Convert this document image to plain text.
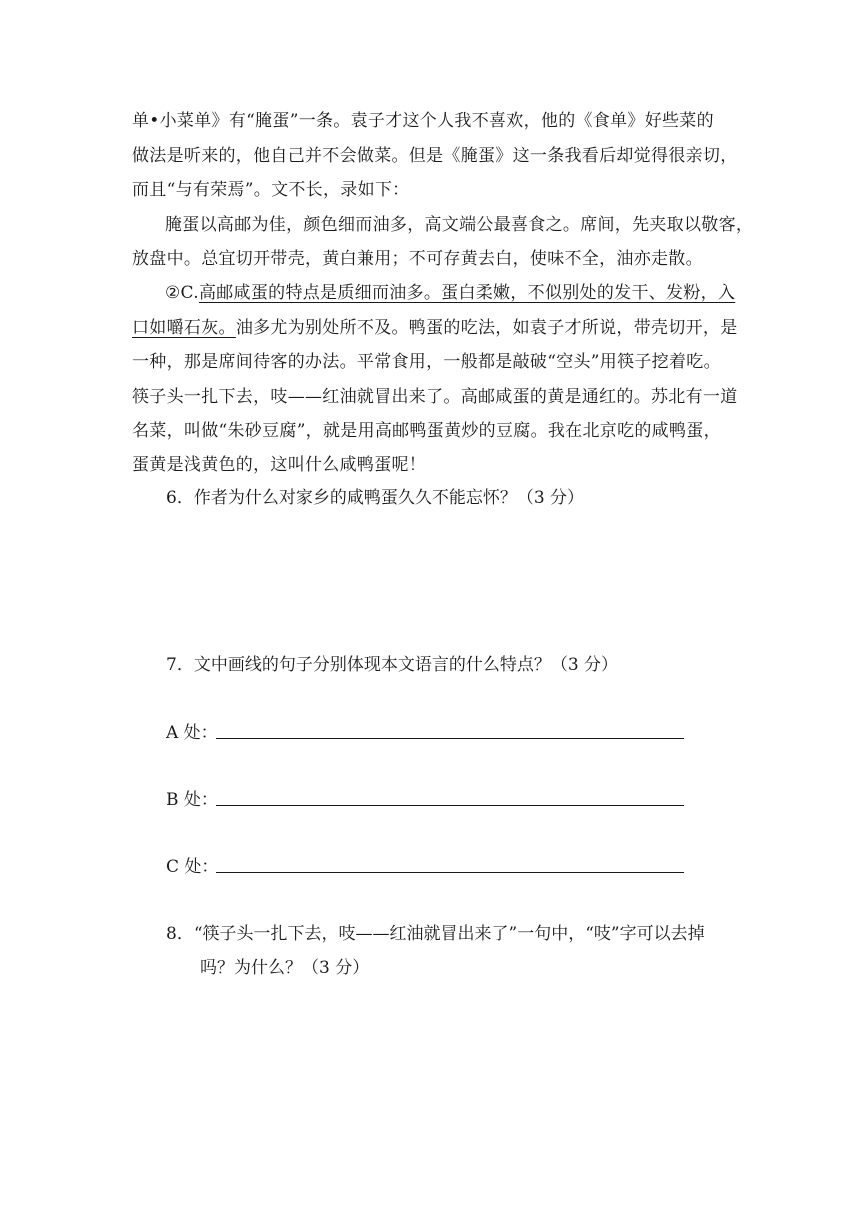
单•小菜单》有“腌蛋”一条。袁子才这个人我不喜欢，他的《食单》好些菜的
做法是听来的，他自己并不会做菜。但是《腌蛋》这一条我看后却觉得很亲切，
而且“与有荣焉”。文不长，录如下：
腌蛋以高邮为佳，颜色细而油多，高文端公最喜食之。席间，先夹取以敬客，
放盘中。总宜切开带壳，黄白兼用；不可存黄去白，使味不全，油亦走散。
②C.高邮咸蛋的特点是质细而油多。蛋白柔嫩，不似别处的发干、发粉，入
口如嚼石灰。油多尤为别处所不及。鸭蛋的吃法，如袁子才所说，带壳切开，是
一种，那是席间待客的办法。平常食用，一般都是敲破“空头”用筷子挖着吃。
筷子头一扎下去，吱——红油就冒出来了。高邮咸蛋的黄是通红的。苏北有一道
名菜，叫做“朱砂豆腐”，就是用高邮鸭蛋黄炒的豆腐。我在北京吃的咸鸭蛋，
蛋黄是浅黄色的，这叫什么咸鸭蛋呢！
6．作者为什么对家乡的咸鸭蛋久久不能忘怀？（3 分）
7．文中画线的句子分别体现本文语言的什么特点？（3 分）
A 处：
B 处：
C 处：
8．“筷子头一扎下去，吱——红油就冒出来了”一句中，“吱”字可以去掉
吗？为什么？（3 分）
